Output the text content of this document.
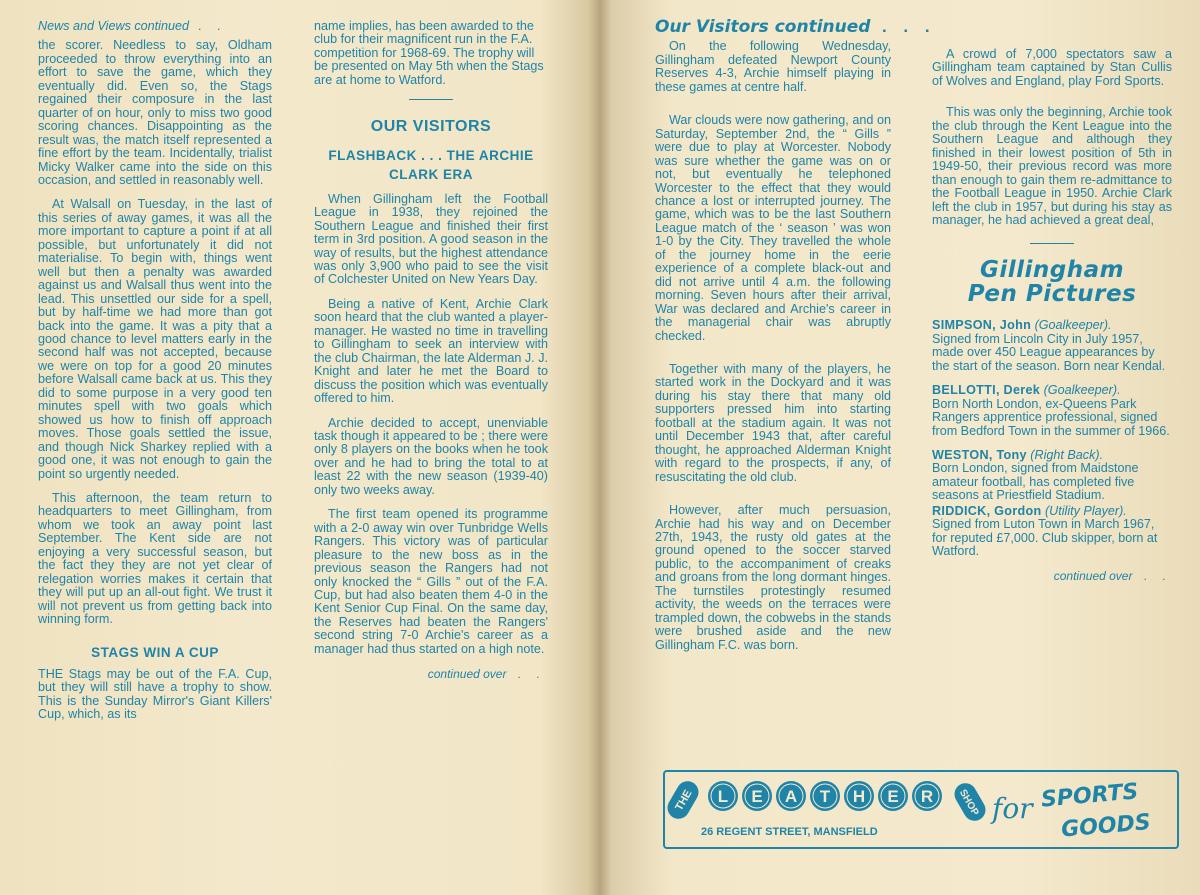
News and Views continued . .

the scorer. Needless to say, Oldham proceeded to throw everything into an effort to save the game, which they eventually did. Even so, the Stags regained their composure in the last quarter of on hour, only to miss two good scoring chances. Disappointing as the result was, the match itself represented a fine effort by the team. Incidentally, trialist Micky Walker came into the side on this occasion, and settled in reasonably well.

At Walsall on Tuesday, in the last of this series of away games, it was all the more important to capture a point if at all possible, but unfortunately it did not materialise. To begin with, things went well but then a penalty was awarded against us and Walsall thus went into the lead. This unsettled our side for a spell, but by half-time we had more than got back into the game. It was a pity that a good chance to level matters early in the second half was not accepted, because we were on top for a good 20 minutes before Walsall came back at us. This they did to some purpose in a very good ten minutes spell with two goals which showed us how to finish off approach moves. Those goals settled the issue, and though Nick Sharkey replied with a good one, it was not enough to gain the point so urgently needed.

This afternoon, the team return to headquarters to meet Gillingham, from whom we took an away point last September. The Kent side are not enjoying a very successful season, but the fact they they are not yet clear of relegation worries makes it certain that they will put up an all-out fight. We trust it will not prevent us from getting back into winning form.

STAGS WIN A CUP

THE Stags may be out of the F.A. Cup, but they will still have a trophy to show. This is the Sunday Mirror's Giant Killers' Cup, which, as its

name implies, has been awarded to the club for their magnificent run in the F.A. competition for 1968-69. The trophy will be presented on May 5th when the Stags are at home to Watford.

OUR VISITORS
FLASHBACK . . . THE ARCHIE CLARK ERA

When Gillingham left the Football League in 1938, they rejoined the Southern League and finished their first term in 3rd position. A good season in the way of results, but the highest attendance was only 3,900 who paid to see the visit of Colchester United on New Years Day.

Being a native of Kent, Archie Clark soon heard that the club wanted a player-manager. He wasted no time in travelling to Gillingham to seek an interview with the club Chairman, the late Alderman J. J. Knight and later he met the Board to discuss the position which was eventually offered to him.

Archie decided to accept, unenviable task though it appeared to be ; there were only 8 players on the books when he took over and he had to bring the total to at least 22 with the new season (1939-40) only two weeks away.

The first team opened its programme with a 2-0 away win over Tunbridge Wells Rangers. This victory was of particular pleasure to the new boss as in the previous season the Rangers had not only knocked the “ Gills ” out of the F.A. Cup, but had also beaten them 4-0 in the Kent Senior Cup Final. On the same day, the Reserves had beaten the Rangers' second string 7-0 Archie's career as a manager had thus started on a high note.

continued over . .
Our Visitors continued . . .

On the following Wednesday, Gillingham defeated Newport County Reserves 4-3, Archie himself playing in these games at centre half.

War clouds were now gathering, and on Saturday, September 2nd, the “ Gills ” were due to play at Worcester. Nobody was sure whether the game was on or not, but eventually he telephoned Worcester to the effect that they would chance a lost or interrupted journey. The game, which was to be the last Southern League match of the ‘ season ’ was won 1-0 by the City. They travelled the whole of the journey home in the eerie experience of a complete black-out and did not arrive until 4 a.m. the following morning. Seven hours after their arrival, War was declared and Archie's career in the managerial chair was abruptly checked.

Together with many of the players, he started work in the Dockyard and it was during his stay there that many old supporters pressed him into starting football at the stadium again. It was not until December 1943 that, after careful thought, he approached Alderman Knight with regard to the prospects, if any, of resuscitating the old club.

However, after much persuasion, Archie had his way and on December 27th, 1943, the rusty old gates at the ground opened to the soccer starved public, to the accompaniment of creaks and groans from the long dormant hinges. The turnstiles protestingly resumed activity, the weeds on the terraces were trampled down, the cobwebs in the stands were brushed aside and the new Gillingham F.C. was born.

A crowd of 7,000 spectators saw a Gillingham team captained by Stan Cullis of Wolves and England, play Ford Sports.

This was only the beginning, Archie took the club through the Kent League into the Southern League and although they finished in their lowest position of 5th in 1949-50, their previous record was more than enough to gain them re-admittance to the Football League in 1950. Archie Clark left the club in 1957, but during his stay as manager, he had achieved a great deal,

Gillingham
Pen Pictures

SIMPSON, John (Goalkeeper).
Signed from Lincoln City in July 1957, made over 450 League appearances by the start of the season. Born near Kendal.

BELLOTTI, Derek (Goalkeeper).
Born North London, ex-Queens Park Rangers apprentice professional, signed from Bedford Town in the summer of 1966.

WESTON, Tony (Right Back).
Born London, signed from Maidstone amateur football, has completed five seasons at Priestfield Stadium.

RIDDICK, Gordon (Utility Player).
Signed from Luton Town in March 1967, for reputed £7,000. Club skipper, born at Watford.

continued over . .
THE L E A T H E R SHOP for SPORTS
GOODS
26 REGENT STREET, MANSFIELD
